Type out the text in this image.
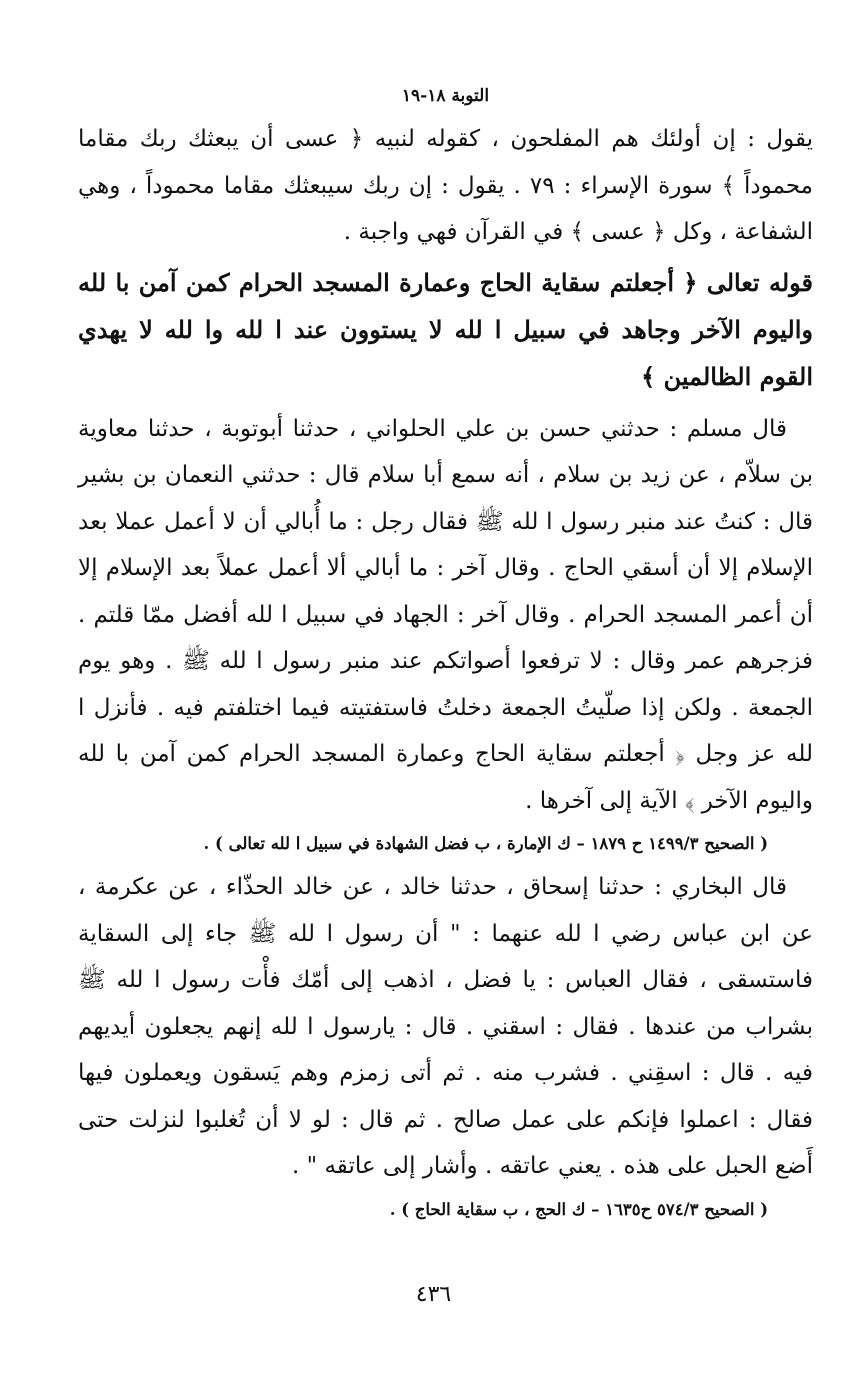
التوبة ١٨-١٩

يقول : إن أولئك هم المفلحون ، كقوله لنبيه ﴿ عسى أن يبعثك ربك مقاما محموداً ﴾ سورة الإسراء : ٧٩ . يقول : إن ربك سيبعثك مقاما محموداً ، وهي الشفاعة ، وكل ﴿ عسى ﴾ في القرآن فهي واجبة .

قوله تعالى ﴿ أجعلتم سقاية الحاج وعمارة المسجد الحرام كمن آمن با لله واليوم الآخر وجاهد في سبيل ا لله لا يستوون عند ا لله وا لله لا يهدي القوم الظالمين ﴾

قال مسلم : حدثني حسن بن علي الحلواني ، حدثنا أبوتوبة ، حدثنا معاوية بن سلاّم ، عن زيد بن سلام ، أنه سمع أبا سلام قال : حدثني النعمان بن بشير قال : كنتُ عند منبر رسول ا لله ﷺ فقال رجل : ما أُبالي أن لا أعمل عملا بعد الإسلام إلا أن أسقي الحاج . وقال آخر : ما أبالي ألا أعمل عملاً بعد الإسلام إلا أن أعمر المسجد الحرام . وقال آخر : الجهاد في سبيل ا لله أفضل ممّا قلتم . فزجرهم عمر وقال : لا ترفعوا أصواتكم عند منبر رسول ا لله ﷺ . وهو يوم الجمعة . ولكن إذا صلّيتُ الجمعة دخلتُ فاستفتيته فيما اختلفتم فيه . فأنزل ا لله عز وجل ﴿ أجعلتم سقاية الحاج وعمارة المسجد الحرام كمن آمن با لله واليوم الآخر ﴾ الآية إلى آخرها .

( الصحيح ١٤٩٩/٣ ح ١٨٧٩ – ك الإمارة ، ب فضل الشهادة في سبيل ا لله تعالى ) .

قال البخاري : حدثنا إسحاق ، حدثنا خالد ، عن خالد الحذّاء ، عن عكرمة ، عن ابن عباس رضي ا لله عنهما : " أن رسول ا لله ﷺ جاء إلى السقاية فاستسقى ، فقال العباس : يا فضل ، اذهب إلى أمّك فأْت رسول ا لله ﷺ بشراب من عندها . فقال : اسقني . قال : يارسول ا لله إنهم يجعلون أيديهم فيه . قال : اسقِني . فشرب منه . ثم أتى زمزم وهم يَسقون ويعملون فيها فقال : اعملوا فإنكم على عمل صالح . ثم قال : لو لا أن تُغلبوا لنزلت حتى أَضع الحبل على هذه . يعني عاتقه . وأشار إلى عاتقه " .

( الصحيح ٥٧٤/٣ ح١٦٣٥ – ك الحج ، ب سقاية الحاج ) .
٤٣٦
